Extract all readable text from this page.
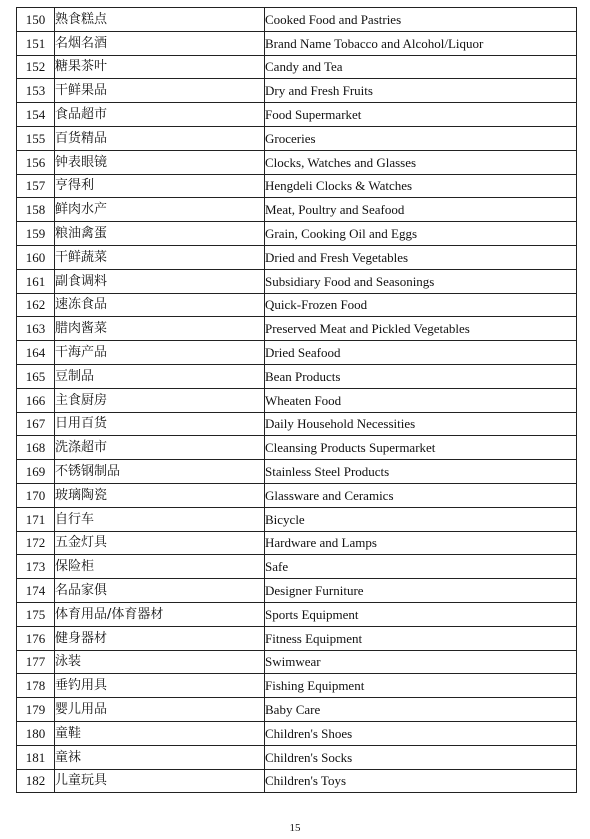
150	熟食糕点	Cooked Food and Pastries
151	名烟名酒	Brand Name Tobacco and Alcohol/Liquor
152	糖果茶叶	Candy and Tea
153	干鲜果品	Dry and Fresh Fruits
154	食品超市	Food Supermarket
155	百货精品	Groceries
156	钟表眼镜	Clocks, Watches and Glasses
157	亨得利	Hengdeli Clocks & Watches
158	鲜肉水产	Meat, Poultry and Seafood
159	粮油禽蛋	Grain, Cooking Oil and Eggs
160	干鲜蔬菜	Dried and Fresh Vegetables
161	副食调料	Subsidiary Food and Seasonings
162	速冻食品	Quick-Frozen Food
163	腊肉酱菜	Preserved Meat and Pickled Vegetables
164	干海产品	Dried Seafood
165	豆制品	Bean Products
166	主食厨房	Wheaten Food
167	日用百货	Daily Household Necessities
168	洗涤超市	Cleansing Products Supermarket
169	不锈钢制品	Stainless Steel Products
170	玻璃陶瓷	Glassware and Ceramics
171	自行车	Bicycle
172	五金灯具	Hardware and Lamps
173	保险柜	Safe
174	名品家俱	Designer Furniture
175	体育用品/体育器材	Sports Equipment
176	健身器材	Fitness Equipment
177	泳装	Swimwear
178	垂钓用具	Fishing Equipment
179	婴儿用品	Baby Care
180	童鞋	Children's Shoes
181	童袜	Children's Socks
182	儿童玩具	Children's Toys
15
